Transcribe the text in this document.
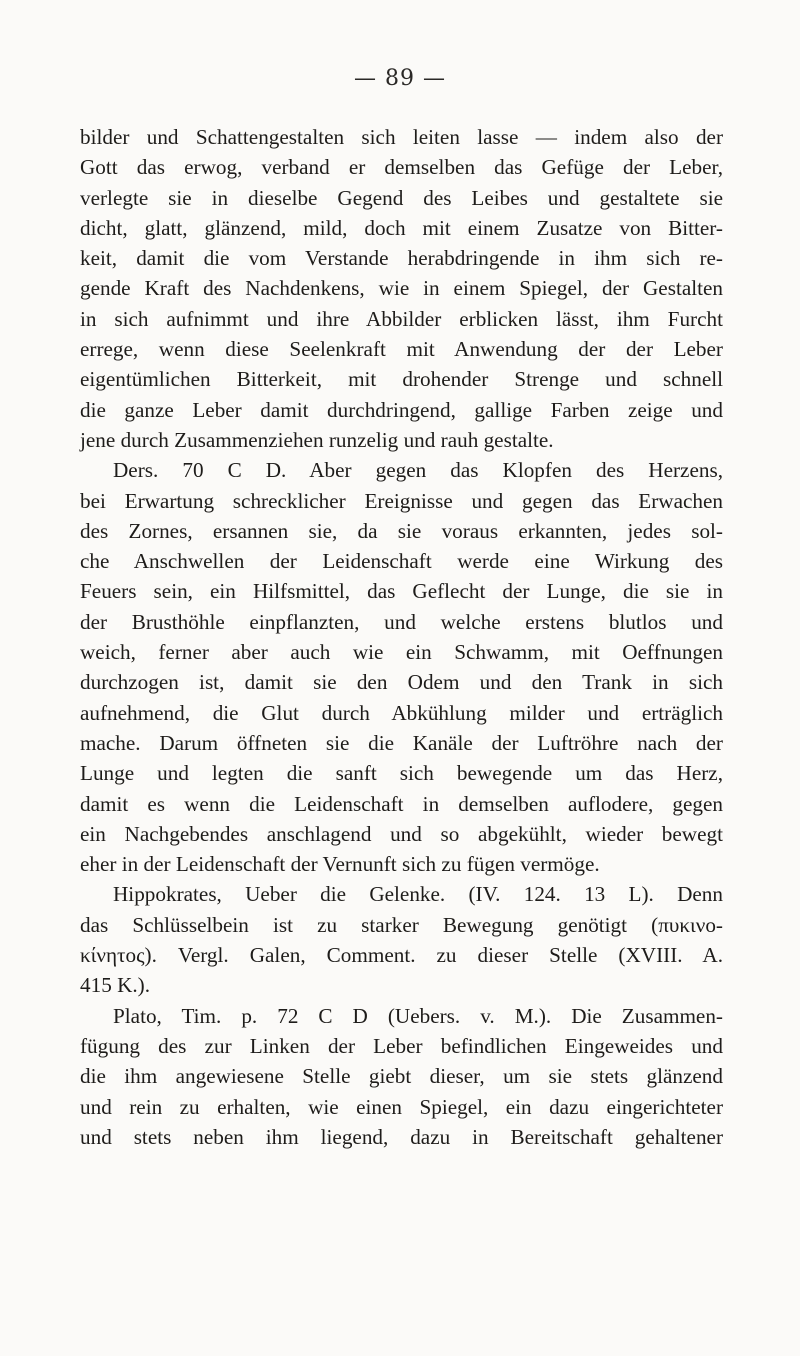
— 89 —
bilder und Schattengestalten sich leiten lasse — indem also der
Gott das erwog, verband er demselben das Gefüge der Leber,
verlegte sie in dieselbe Gegend des Leibes und gestaltete sie
dicht, glatt, glänzend, mild, doch mit einem Zusatze von Bitter-
keit, damit die vom Verstande herabdringende in ihm sich re-
gende Kraft des Nachdenkens, wie in einem Spiegel, der Gestalten
in sich aufnimmt und ihre Abbilder erblicken lässt, ihm Furcht
errege, wenn diese Seelenkraft mit Anwendung der der Leber
eigentümlichen Bitterkeit, mit drohender Strenge und schnell
die ganze Leber damit durchdringend, gallige Farben zeige und
jene durch Zusammenziehen runzelig und rauh gestalte.
Ders. 70 C D. Aber gegen das Klopfen des Herzens,
bei Erwartung schrecklicher Ereignisse und gegen das Erwachen
des Zornes, ersannen sie, da sie voraus erkannten, jedes sol-
che Anschwellen der Leidenschaft werde eine Wirkung des
Feuers sein, ein Hilfsmittel, das Geflecht der Lunge, die sie in
der Brusthöhle einpflanzten, und welche erstens blutlos und
weich, ferner aber auch wie ein Schwamm, mit Oeffnungen
durchzogen ist, damit sie den Odem und den Trank in sich
aufnehmend, die Glut durch Abkühlung milder und erträglich
mache. Darum öffneten sie die Kanäle der Luftröhre nach der
Lunge und legten die sanft sich bewegende um das Herz,
damit es wenn die Leidenschaft in demselben auflodere, gegen
ein Nachgebendes anschlagend und so abgekühlt, wieder bewegt
eher in der Leidenschaft der Vernunft sich zu fügen vermöge.
Hippokrates, Ueber die Gelenke. (IV. 124. 13 L). Denn
das Schlüsselbein ist zu starker Bewegung genötigt (πυκινο-
κίνητος). Vergl. Galen, Comment. zu dieser Stelle (XVIII. A.
415 K.).
Plato, Tim. p. 72 C D (Uebers. v. M.). Die Zusammen-
fügung des zur Linken der Leber befindlichen Eingeweides und
die ihm angewiesene Stelle giebt dieser, um sie stets glänzend
und rein zu erhalten, wie einen Spiegel, ein dazu eingerichteter
und stets neben ihm liegend, dazu in Bereitschaft gehaltener
